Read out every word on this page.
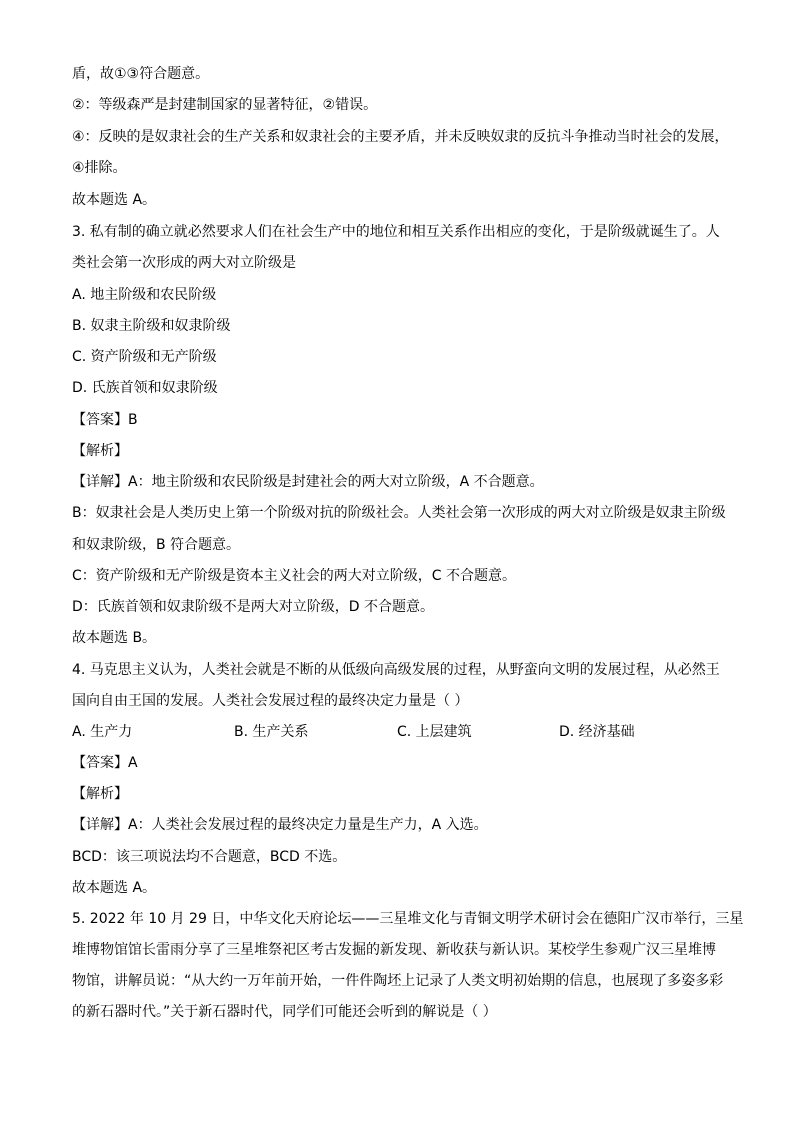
盾，故①③符合题意。
②：等级森严是封建制国家的显著特征，②错误。
④：反映的是奴隶社会的生产关系和奴隶社会的主要矛盾，并未反映奴隶的反抗斗争推动当时社会的发展，
④排除。
故本题选 A。
3. 私有制的确立就必然要求人们在社会生产中的地位和相互关系作出相应的变化，于是阶级就诞生了。人
类社会第一次形成的两大对立阶级是
A. 地主阶级和农民阶级
B. 奴隶主阶级和奴隶阶级
C. 资产阶级和无产阶级
D. 氏族首领和奴隶阶级
【答案】B
【解析】
【详解】A：地主阶级和农民阶级是封建社会的两大对立阶级，A 不合题意。
B：奴隶社会是人类历史上第一个阶级对抗的阶级社会。人类社会第一次形成的两大对立阶级是奴隶主阶级
和奴隶阶级，B 符合题意。
C：资产阶级和无产阶级是资本主义社会的两大对立阶级，C 不合题意。
D：氏族首领和奴隶阶级不是两大对立阶级，D 不合题意。
故本题选 B。
4. 马克思主义认为，人类社会就是不断的从低级向高级发展的过程，从野蛮向文明的发展过程，从必然王
国向自由王国的发展。人类社会发展过程的最终决定力量是（ ）
A. 生产力	B. 生产关系	C. 上层建筑	D. 经济基础
【答案】A
【解析】
【详解】A：人类社会发展过程的最终决定力量是生产力，A 入选。
BCD：该三项说法均不合题意，BCD 不选。
故本题选 A。
5. 2022 年 10 月 29 日，中华文化天府论坛——三星堆文化与青铜文明学术研讨会在德阳广汉市举行，三星
堆博物馆馆长雷雨分享了三星堆祭祀区考古发掘的新发现、新收获与新认识。某校学生参观广汉三星堆博
物馆，讲解员说：“从大约一万年前开始，一件件陶坯上记录了人类文明初始期的信息，也展现了多姿多彩
的新石器时代。”关于新石器时代，同学们可能还会听到的解说是（ ）
